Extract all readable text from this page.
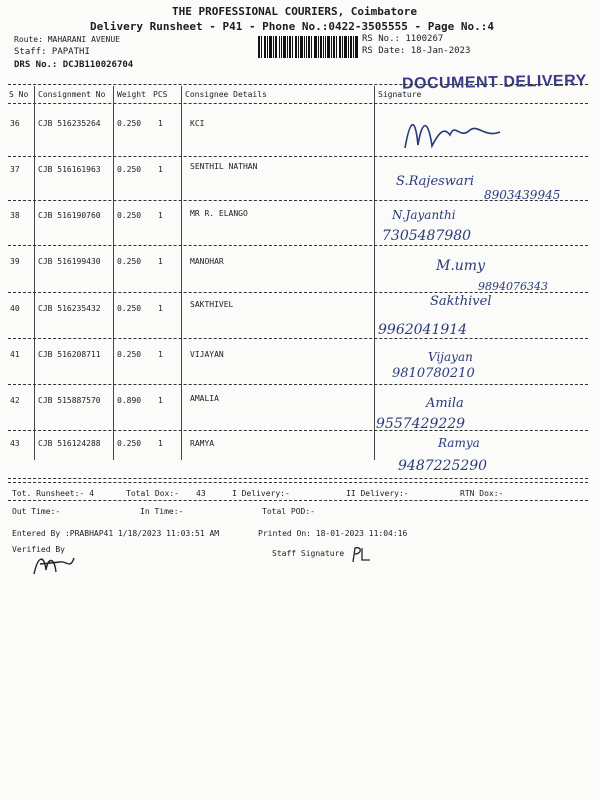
THE PROFESSIONAL COURIERS, Coimbatore
Delivery Runsheet - P41 - Phone No.:0422-3505555 - Page No.:4
Route: MAHARANI AVENUE
Staff: PAPATHI
DRS No.: DCJB110026704
RS No.: 1100267
RS Date: 18-Jan-2023
DOCUMENT DELIVERY
S No Consignment No Weight PCS Consignee Details	Signature
36 CJB 516235264 0.250 1	KCI
37 CJB 516161963 0.250 1	SENTHIL NATHAN
S.Rajeswari
8903439945
38 CJB 516190760 0.250 1	MR R. ELANGO	N.Jayanthi
7305487980
39 CJB 516199430 0.250 1	MANOHAR	M.umy
9894076343
40 CJB 516235432 0.250 1	SAKTHIVEL	Sakthivel
9962041914
41 CJB 516208711 0.250 1	VIJAYAN	Vijayan
9810780210
42 CJB 515887570 0.890 1	AMALIA	Amila
9557429229
43 CJB 516124288 0.250 1	RAMYA	Ramya
9487225290
Tot. Runsheet:- 4	Total Dox:- 43	I Delivery:-	II Delivery:-	RTN Dox:-
Out Time:-	In Time:-	Total POD:-
Entered By :PRABHAP41 1/18/2023 11:03:51 AM	Printed On: 18-01-2023 11:04:16
Verified By	Staff Signature
